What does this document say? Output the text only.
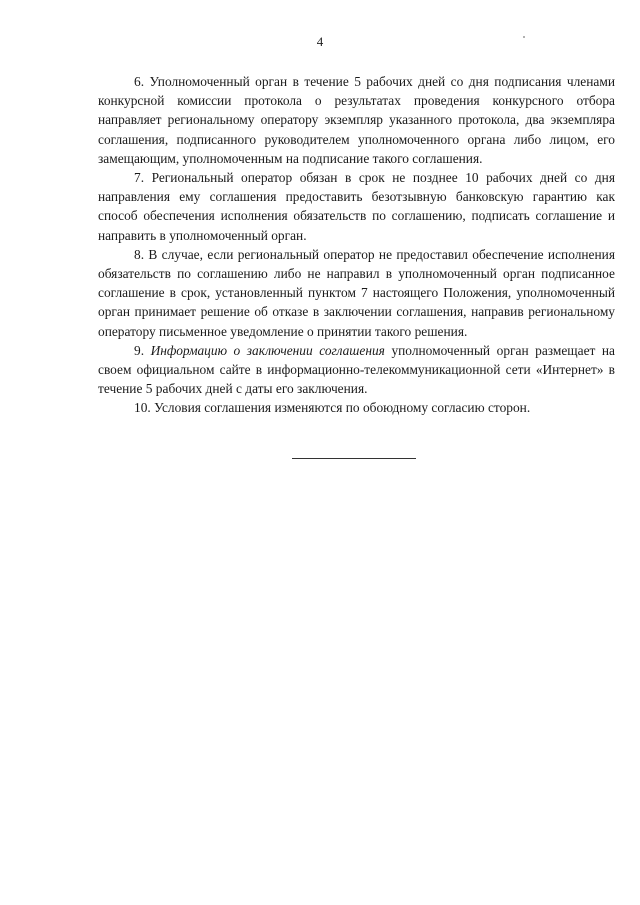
4

6. Уполномоченный орган в течение 5 рабочих дней со дня подписания членами конкурсной комиссии протокола о результатах проведения конкурсного отбора направляет региональному оператору экземпляр указанного протокола, два экземпляра соглашения, подписанного руководителем уполномоченного органа либо лицом, его замещающим, уполномоченным на подписание такого соглашения.

7. Региональный оператор обязан в срок не позднее 10 рабочих дней со дня направления ему соглашения предоставить безотзывную банковскую гарантию как способ обеспечения исполнения обязательств по соглашению, подписать соглашение и направить в уполномоченный орган.

8. В случае, если региональный оператор не предоставил обеспечение исполнения обязательств по соглашению либо не направил в уполномоченный орган подписанное соглашение в срок, установленный пунктом 7 настоящего Положения, уполномоченный орган принимает решение об отказе в заключении соглашения, направив региональному оператору письменное уведомление о принятии такого решения.

9. Информацию о заключении соглашения уполномоченный орган размещает на своем официальном сайте в информационно-телекоммуникационной сети «Интернет» в течение 5 рабочих дней с даты его заключения.

10. Условия соглашения изменяются по обоюдному согласию сторон.
